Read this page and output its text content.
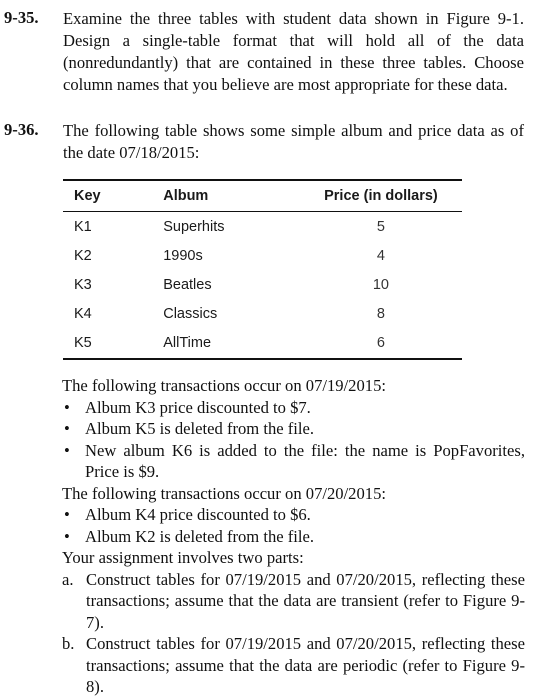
9-35. Examine the three tables with student data shown in Figure 9-1. Design a single-table format that will hold all of the data (nonredundantly) that are contained in these three tables. Choose column names that you believe are most appropriate for these data.
9-36. The following table shows some simple album and price data as of the date 07/18/2015:
Key	Album	Price (in dollars)
K1	Superhits	5
K2	1990s	4
K3	Beatles	10
K4	Classics	8
K5	AllTime	6
The following transactions occur on 07/19/2015:
• Album K3 price discounted to $7.
• Album K5 is deleted from the file.
• New album K6 is added to the file: the name is PopFavorites, Price is $9.
The following transactions occur on 07/20/2015:
• Album K4 price discounted to $6.
• Album K2 is deleted from the file.
Your assignment involves two parts:
a. Construct tables for 07/19/2015 and 07/20/2015, reflecting these transactions; assume that the data are transient (refer to Figure 9-7).
b. Construct tables for 07/19/2015 and 07/20/2015, reflecting these transactions; assume that the data are periodic (refer to Figure 9-8).
